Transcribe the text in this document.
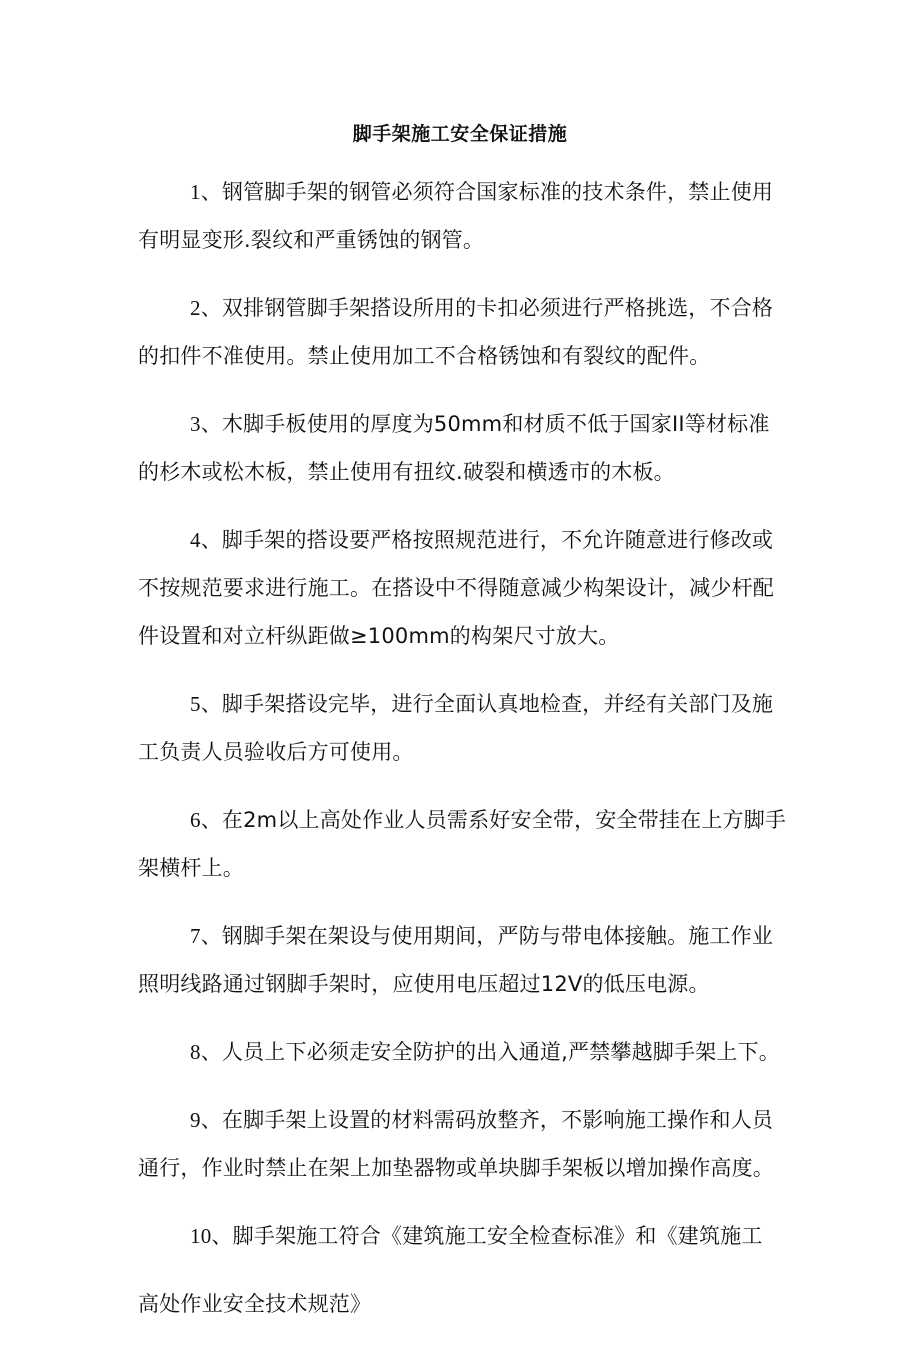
脚手架施工安全保证措施

1、钢管脚手架的钢管必须符合国家标准的技术条件，禁止使用有明显变形.裂纹和严重锈蚀的钢管。

2、双排钢管脚手架搭设所用的卡扣必须进行严格挑选，不合格的扣件不准使用。禁止使用加工不合格锈蚀和有裂纹的配件。

3、木脚手板使用的厚度为50mm和材质不低于国家II等材标准的杉木或松木板，禁止使用有扭纹.破裂和横透市的木板。

4、脚手架的搭设要严格按照规范进行，不允许随意进行修改或不按规范要求进行施工。在搭设中不得随意减少构架设计，减少杆配件设置和对立杆纵距做≥100mm的构架尺寸放大。

5、脚手架搭设完毕，进行全面认真地检查，并经有关部门及施工负责人员验收后方可使用。

6、在2m以上高处作业人员需系好安全带，安全带挂在上方脚手架横杆上。

7、钢脚手架在架设与使用期间，严防与带电体接触。施工作业照明线路通过钢脚手架时，应使用电压超过12V的低压电源。

8、人员上下必须走安全防护的出入通道,严禁攀越脚手架上下。

9、在脚手架上设置的材料需码放整齐，不影响施工操作和人员通行，作业时禁止在架上加垫器物或单块脚手架板以增加操作高度。

10、脚手架施工符合《建筑施工安全检查标准》和《建筑施工
高处作业安全技术规范》
